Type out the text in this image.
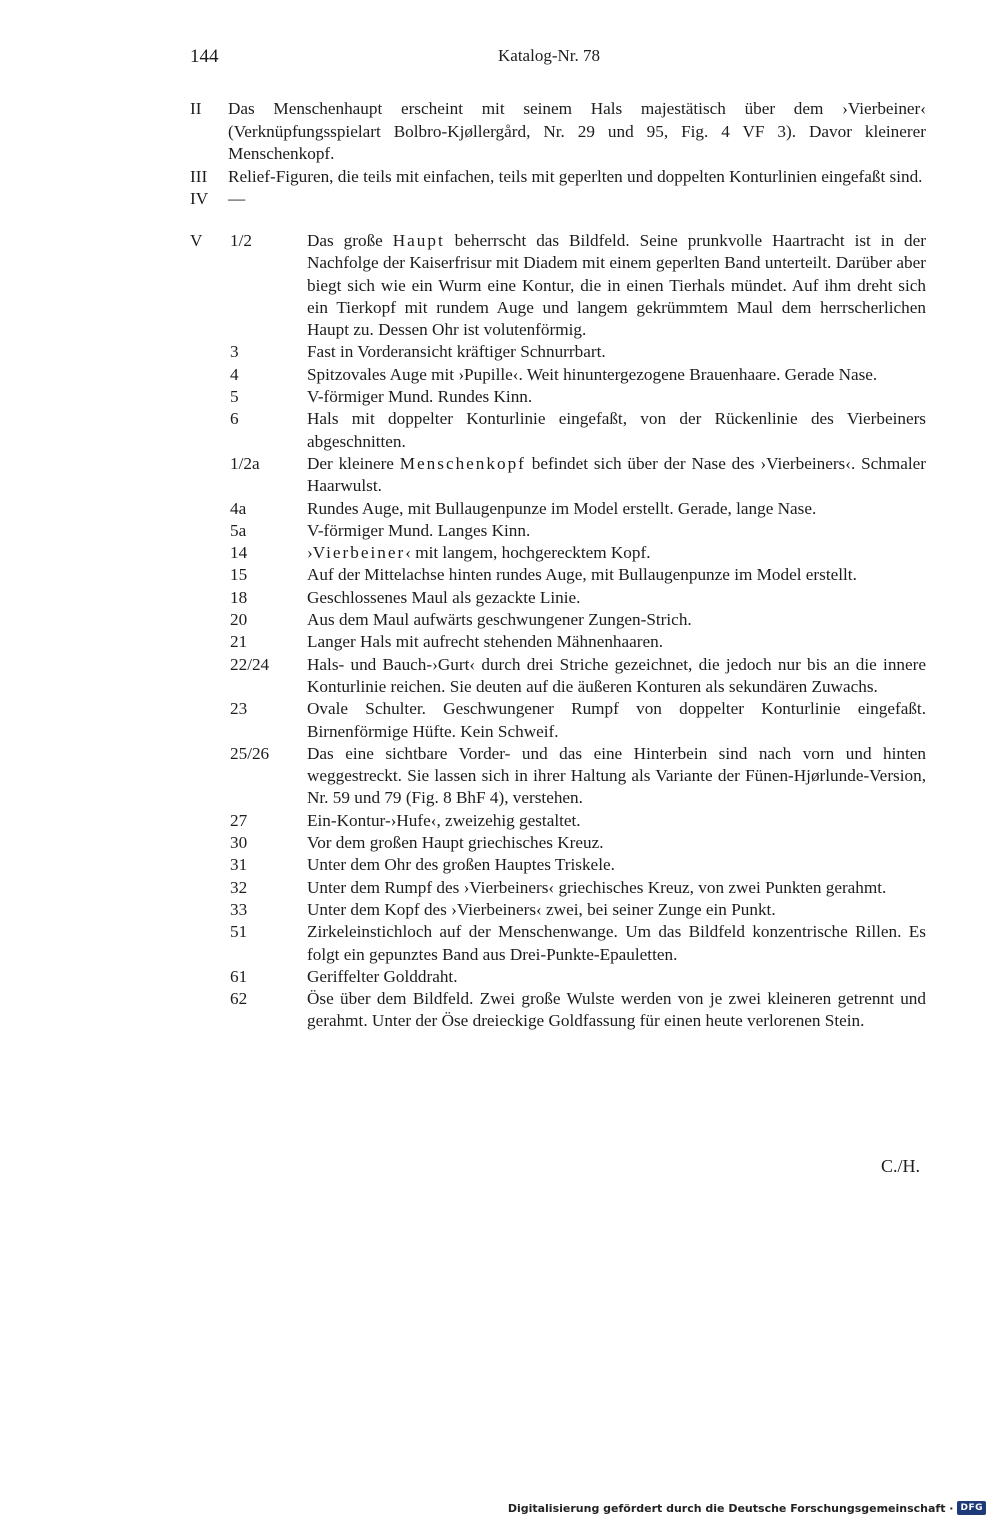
144	Katalog-Nr. 78
II	Das Menschenhaupt erscheint mit seinem Hals majestätisch über dem ›Vierbeiner‹ (Verknüpfungsspielart Bolbro-Kjøllergård, Nr. 29 und 95, Fig. 4 VF 3). Davor kleinerer Menschenkopf.
III	Relief-Figuren, die teils mit einfachen, teils mit geperlten und doppelten Konturlinien eingefaßt sind.
IV	—
V 1/2	Das große Haupt beherrscht das Bildfeld. Seine prunkvolle Haartracht ist in der Nachfolge der Kaiserfrisur mit Diadem mit einem geperlten Band unterteilt. Darüber aber biegt sich wie ein Wurm eine Kontur, die in einen Tierhals mündet. Auf ihm dreht sich ein Tierkopf mit rundem Auge und langem gekrümmtem Maul dem herrscherlichen Haupt zu. Dessen Ohr ist volutenförmig.
3	Fast in Vorderansicht kräftiger Schnurrbart.
4	Spitzovales Auge mit ›Pupille‹. Weit hinuntergezogene Brauenhaare. Gerade Nase.
5	V-förmiger Mund. Rundes Kinn.
6	Hals mit doppelter Konturlinie eingefaßt, von der Rückenlinie des Vierbeiners abgeschnitten.
1/2a	Der kleinere Menschenkopf befindet sich über der Nase des ›Vierbeiners‹. Schmaler Haarwulst.
4a	Rundes Auge, mit Bullaugenpunze im Model erstellt. Gerade, lange Nase.
5a	V-förmiger Mund. Langes Kinn.
14	›Vierbeiner‹ mit langem, hochgerecktem Kopf.
15	Auf der Mittelachse hinten rundes Auge, mit Bullaugenpunze im Model erstellt.
18	Geschlossenes Maul als gezackte Linie.
20	Aus dem Maul aufwärts geschwungener Zungen-Strich.
21	Langer Hals mit aufrecht stehenden Mähnenhaaren.
22/24	Hals- und Bauch-›Gurt‹ durch drei Striche gezeichnet, die jedoch nur bis an die innere Konturlinie reichen. Sie deuten auf die äußeren Konturen als sekundären Zuwachs.
23	Ovale Schulter. Geschwungener Rumpf von doppelter Konturlinie eingefaßt. Birnenförmige Hüfte. Kein Schweif.
25/26	Das eine sichtbare Vorder- und das eine Hinterbein sind nach vorn und hinten weggestreckt. Sie lassen sich in ihrer Haltung als Variante der Fünen-Hjørlunde-Version, Nr. 59 und 79 (Fig. 8 BhF 4), verstehen.
27	Ein-Kontur-›Hufe‹, zweizehig gestaltet.
30	Vor dem großen Haupt griechisches Kreuz.
31	Unter dem Ohr des großen Hauptes Triskele.
32	Unter dem Rumpf des ›Vierbeiners‹ griechisches Kreuz, von zwei Punkten gerahmt.
33	Unter dem Kopf des ›Vierbeiners‹ zwei, bei seiner Zunge ein Punkt.
51	Zirkeleinstichloch auf der Menschenwange. Um das Bildfeld konzentrische Rillen. Es folgt ein gepunztes Band aus Drei-Punkte-Epauletten.
61	Geriffelter Golddraht.
62	Öse über dem Bildfeld. Zwei große Wulste werden von je zwei kleineren getrennt und gerahmt. Unter der Öse dreieckige Goldfassung für einen heute verlorenen Stein.
C./H.
Digitalisierung gefördert durch die Deutsche Forschungsgemeinschaft · DFG
